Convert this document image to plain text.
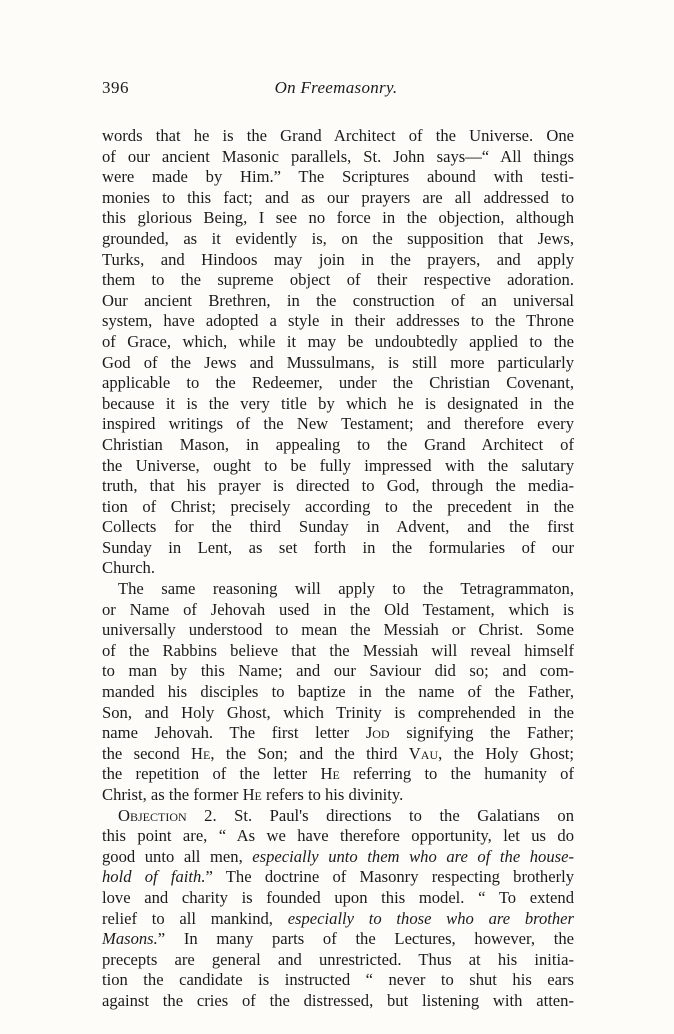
396	On Freemasonry.
words that he is the Grand Architect of the Universe. One
of our ancient Masonic parallels, St. John says—“ All things
were made by Him.” The Scriptures abound with testi-
monies to this fact; and as our prayers are all addressed to
this glorious Being, I see no force in the objection, although
grounded, as it evidently is, on the supposition that Jews,
Turks, and Hindoos may join in the prayers, and apply
them to the supreme object of their respective adoration.
Our ancient Brethren, in the construction of an universal
system, have adopted a style in their addresses to the Throne
of Grace, which, while it may be undoubtedly applied to the
God of the Jews and Mussulmans, is still more particularly
applicable to the Redeemer, under the Christian Covenant,
because it is the very title by which he is designated in the
inspired writings of the New Testament; and therefore every
Christian Mason, in appealing to the Grand Architect of
the Universe, ought to be fully impressed with the salutary
truth, that his prayer is directed to God, through the media-
tion of Christ; precisely according to the precedent in the
Collects for the third Sunday in Advent, and the first
Sunday in Lent, as set forth in the formularies of our
Church.
The same reasoning will apply to the Tetragrammaton,
or Name of Jehovah used in the Old Testament, which is
universally understood to mean the Messiah or Christ. Some
of the Rabbins believe that the Messiah will reveal himself
to man by this Name; and our Saviour did so; and com-
manded his disciples to baptize in the name of the Father,
Son, and Holy Ghost, which Trinity is comprehended in the
name Jehovah. The first letter Jod signifying the Father;
the second He, the Son; and the third Vau, the Holy Ghost;
the repetition of the letter He referring to the humanity of
Christ, as the former He refers to his divinity.
Objection 2. St. Paul's directions to the Galatians on
this point are, “ As we have therefore opportunity, let us do
good unto all men, especially unto them who are of the house-
hold of faith.” The doctrine of Masonry respecting brotherly
love and charity is founded upon this model. “ To extend
relief to all mankind, especially to those who are brother
Masons.” In many parts of the Lectures, however, the
precepts are general and unrestricted. Thus at his initia-
tion the candidate is instructed “ never to shut his ears
against the cries of the distressed, but listening with atten-
